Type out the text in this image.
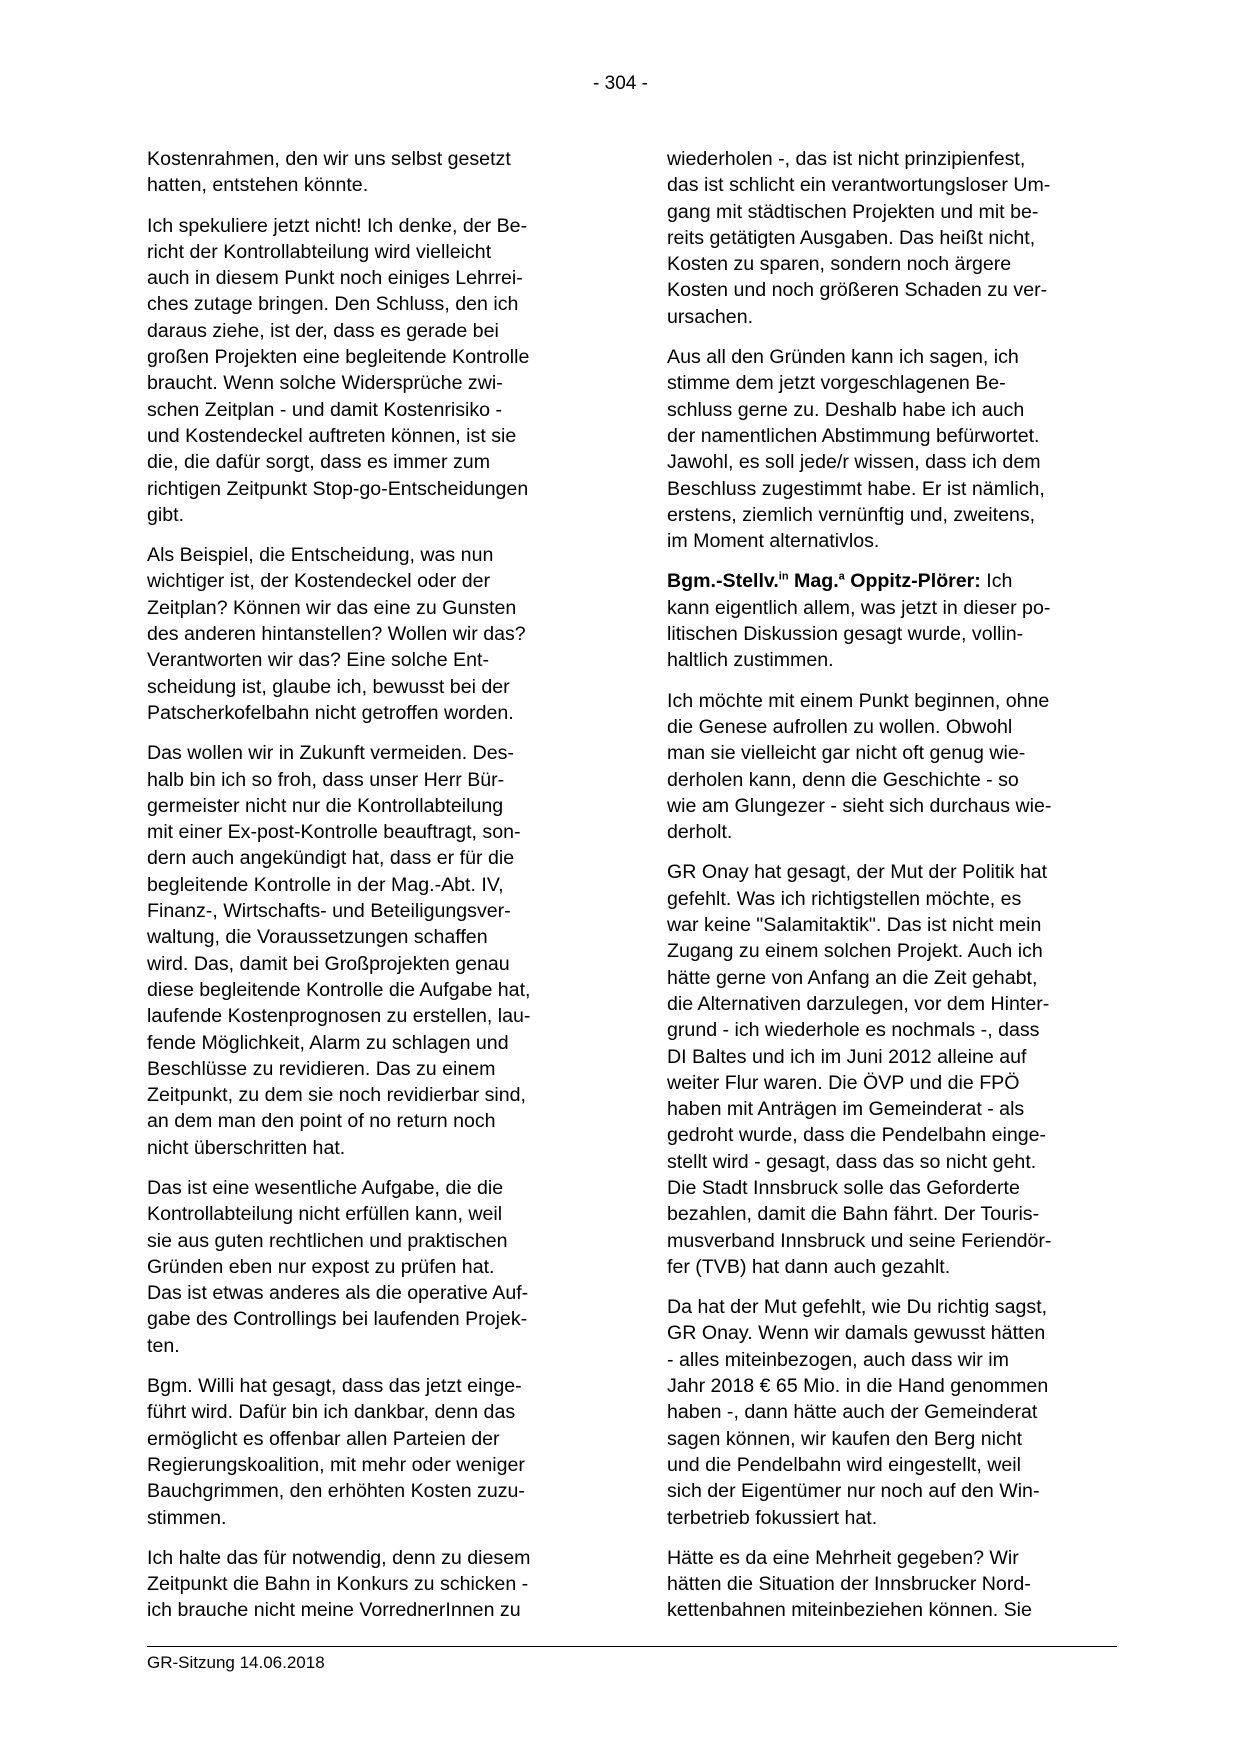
- 304 -

Kostenrahmen, den wir uns selbst gesetzt
hatten, entstehen könnte.

Ich spekuliere jetzt nicht! Ich denke, der Be-
richt der Kontrollabteilung wird vielleicht
auch in diesem Punkt noch einiges Lehrrei-
ches zutage bringen. Den Schluss, den ich
daraus ziehe, ist der, dass es gerade bei
großen Projekten eine begleitende Kontrolle
braucht. Wenn solche Widersprüche zwi-
schen Zeitplan - und damit Kostenrisiko -
und Kostendeckel auftreten können, ist sie
die, die dafür sorgt, dass es immer zum
richtigen Zeitpunkt Stop-go-Entscheidungen
gibt.

Als Beispiel, die Entscheidung, was nun
wichtiger ist, der Kostendeckel oder der
Zeitplan? Können wir das eine zu Gunsten
des anderen hintanstellen? Wollen wir das?
Verantworten wir das? Eine solche Ent-
scheidung ist, glaube ich, bewusst bei der
Patscherkofelbahn nicht getroffen worden.

Das wollen wir in Zukunft vermeiden. Des-
halb bin ich so froh, dass unser Herr Bür-
germeister nicht nur die Kontrollabteilung
mit einer Ex-post-Kontrolle beauftragt, son-
dern auch angekündigt hat, dass er für die
begleitende Kontrolle in der Mag.-Abt. IV,
Finanz-, Wirtschafts- und Beteiligungsver-
waltung, die Voraussetzungen schaffen
wird. Das, damit bei Großprojekten genau
diese begleitende Kontrolle die Aufgabe hat,
laufende Kostenprognosen zu erstellen, lau-
fende Möglichkeit, Alarm zu schlagen und
Beschlüsse zu revidieren. Das zu einem
Zeitpunkt, zu dem sie noch revidierbar sind,
an dem man den point of no return noch
nicht überschritten hat.

Das ist eine wesentliche Aufgabe, die die
Kontrollabteilung nicht erfüllen kann, weil
sie aus guten rechtlichen und praktischen
Gründen eben nur expost zu prüfen hat.
Das ist etwas anderes als die operative Auf-
gabe des Controllings bei laufenden Projek-
ten.

Bgm. Willi hat gesagt, dass das jetzt einge-
führt wird. Dafür bin ich dankbar, denn das
ermöglicht es offenbar allen Parteien der
Regierungskoalition, mit mehr oder weniger
Bauchgrimmen, den erhöhten Kosten zuzu-
stimmen.

Ich halte das für notwendig, denn zu diesem
Zeitpunkt die Bahn in Konkurs zu schicken -
ich brauche nicht meine VorrednerInnen zu

wiederholen -, das ist nicht prinzipienfest,
das ist schlicht ein verantwortungsloser Um-
gang mit städtischen Projekten und mit be-
reits getätigten Ausgaben. Das heißt nicht,
Kosten zu sparen, sondern noch ärgere
Kosten und noch größeren Schaden zu ver-
ursachen.

Aus all den Gründen kann ich sagen, ich
stimme dem jetzt vorgeschlagenen Be-
schluss gerne zu. Deshalb habe ich auch
der namentlichen Abstimmung befürwortet.
Jawohl, es soll jede/r wissen, dass ich dem
Beschluss zugestimmt habe. Er ist nämlich,
erstens, ziemlich vernünftig und, zweitens,
im Moment alternativlos.

Bgm.-Stellv.$^{in}$ Mag.$^a$ Oppitz-Plörer: Ich
kann eigentlich allem, was jetzt in dieser po-
litischen Diskussion gesagt wurde, vollin-
haltlich zustimmen.

Ich möchte mit einem Punkt beginnen, ohne
die Genese aufrollen zu wollen. Obwohl
man sie vielleicht gar nicht oft genug wie-
derholen kann, denn die Geschichte - so
wie am Glungezer - sieht sich durchaus wie-
derholt.

GR Onay hat gesagt, der Mut der Politik hat
gefehlt. Was ich richtigstellen möchte, es
war keine "Salamitaktik". Das ist nicht mein
Zugang zu einem solchen Projekt. Auch ich
hätte gerne von Anfang an die Zeit gehabt,
die Alternativen darzulegen, vor dem Hinter-
grund - ich wiederhole es nochmals -, dass
DI Baltes und ich im Juni 2012 alleine auf
weiter Flur waren. Die ÖVP und die FPÖ
haben mit Anträgen im Gemeinderat - als
gedroht wurde, dass die Pendelbahn einge-
stellt wird - gesagt, dass das so nicht geht.
Die Stadt Innsbruck solle das Geforderte
bezahlen, damit die Bahn fährt. Der Touris-
musverband Innsbruck und seine Feriendör-
fer (TVB) hat dann auch gezahlt.

Da hat der Mut gefehlt, wie Du richtig sagst,
GR Onay. Wenn wir damals gewusst hätten
- alles miteinbezogen, auch dass wir im
Jahr 2018 € 65 Mio. in die Hand genommen
haben -, dann hätte auch der Gemeinderat
sagen können, wir kaufen den Berg nicht
und die Pendelbahn wird eingestellt, weil
sich der Eigentümer nur noch auf den Win-
terbetrieb fokussiert hat.

Hätte es da eine Mehrheit gegeben? Wir
hätten die Situation der Innsbrucker Nord-
kettenbahnen miteinbeziehen können. Sie

GR-Sitzung 14.06.2018
